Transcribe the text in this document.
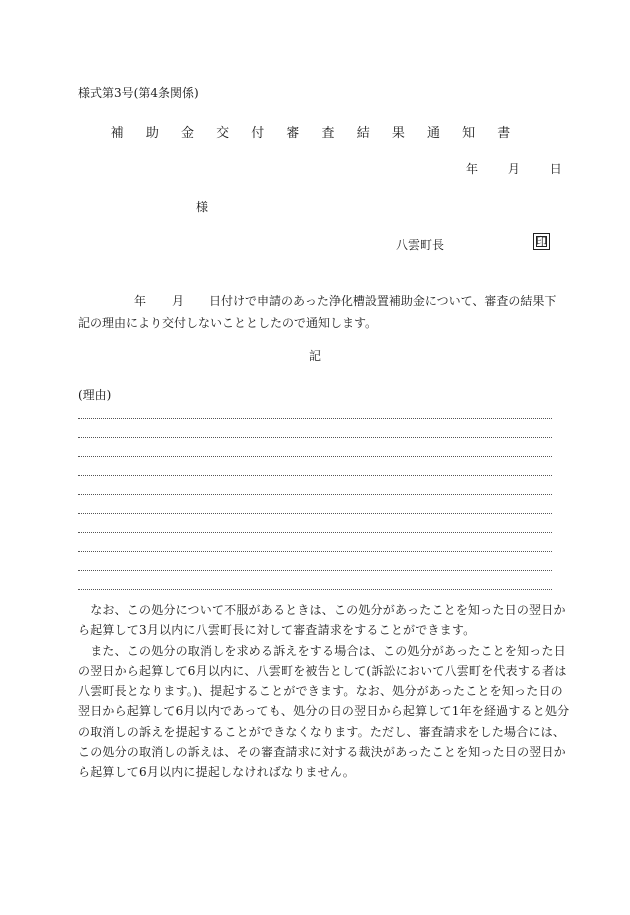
様式第3号(第4条関係)
補 助 金 交 付 審 査 結 果 通 知 書
年 月 日
様
八雲町長	印
年 月 日付けで申請のあった浄化槽設置補助金について、審査の結果下
記の理由により交付しないこととしたので通知します。
記
(理由)
　なお、この処分について不服があるときは、この処分があったことを知った日の翌日か
ら起算して3月以内に八雲町長に対して審査請求をすることができます。
　また、この処分の取消しを求める訴えをする場合は、この処分があったことを知った日
の翌日から起算して6月以内に、八雲町を被告として(訴訟において八雲町を代表する者は
八雲町長となります。)、提起することができます。なお、処分があったことを知った日の
翌日から起算して6月以内であっても、処分の日の翌日から起算して1年を経過すると処分
の取消しの訴えを提起することができなくなります。ただし、審査請求をした場合には、
この処分の取消しの訴えは、その審査請求に対する裁決があったことを知った日の翌日か
ら起算して6月以内に提起しなければなりません。
